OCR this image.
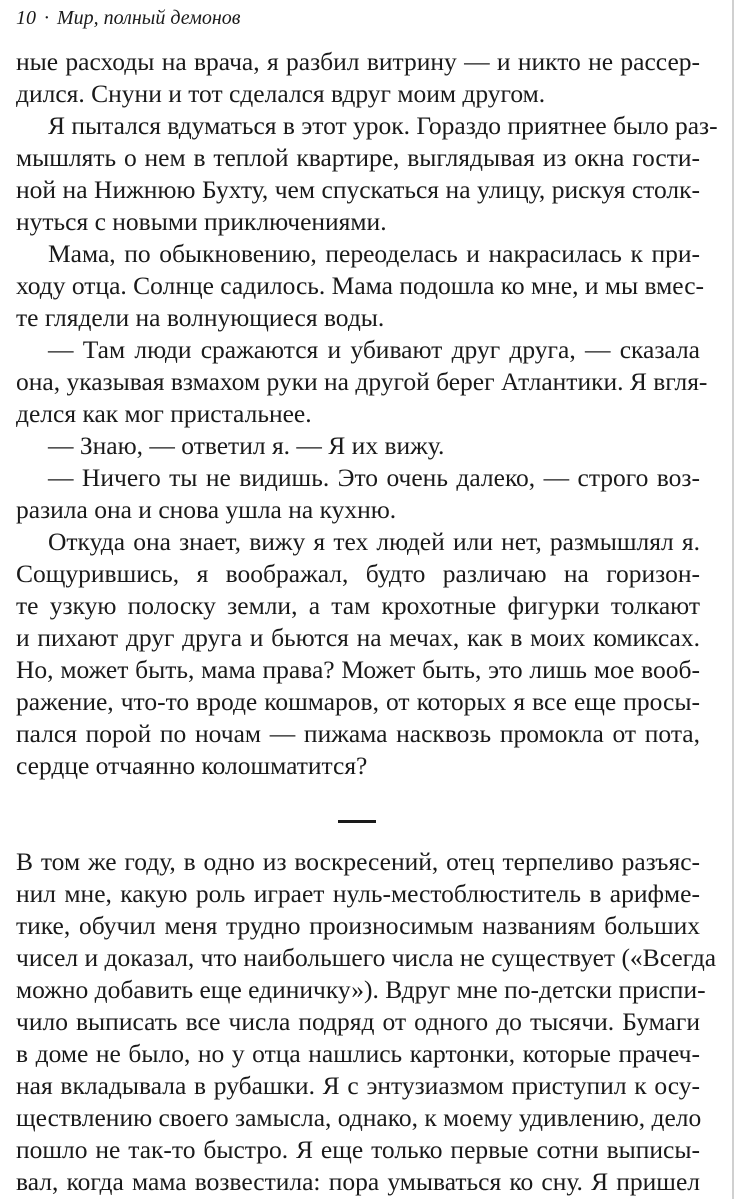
10 · Мир, полный демонов
ные расходы на врача, я разбил витрину — и никто не рассер-
дился. Снуни и тот сделался вдруг моим другом.
Я пытался вдуматься в этот урок. Гораздо приятнее было раз-
мышлять о нем в теплой квартире, выглядывая из окна гости-
ной на Нижнюю Бухту, чем спускаться на улицу, рискуя столк-
нуться с новыми приключениями.
Мама, по обыкновению, переоделась и накрасилась к при-
ходу отца. Солнце садилось. Мама подошла ко мне, и мы вмес-
те глядели на волнующиеся воды.
— Там люди сражаются и убивают друг друга, — сказала
она, указывая взмахом руки на другой берег Атлантики. Я вгля-
делся как мог пристальнее.
— Знаю, — ответил я. — Я их вижу.
— Ничего ты не видишь. Это очень далеко, — строго воз-
разила она и снова ушла на кухню.
Откуда она знает, вижу я тех людей или нет, размышлял я.
Сощурившись, я воображал, будто различаю на горизон-
те узкую полоску земли, а там крохотные фигурки толкают
и пихают друг друга и бьются на мечах, как в моих комиксах.
Но, может быть, мама права? Может быть, это лишь мое вооб-
ражение, что-то вроде кошмаров, от которых я все еще просы-
пался порой по ночам — пижама насквозь промокла от пота,
сердце отчаянно колошматится?
В том же году, в одно из воскресений, отец терпеливо разъяс-
нил мне, какую роль играет нуль-местоблюститель в арифме-
тике, обучил меня трудно произносимым названиям больших
чисел и доказал, что наибольшего числа не существует («Всегда
можно добавить еще единичку»). Вдруг мне по-детски приспи-
чило выписать все числа подряд от одного до тысячи. Бумаги
в доме не было, но у отца нашлись картонки, которые прачеч-
ная вкладывала в рубашки. Я с энтузиазмом приступил к осу-
ществлению своего замысла, однако, к моему удивлению, дело
пошло не так-то быстро. Я еще только первые сотни выписы-
вал, когда мама возвестила: пора умываться ко сну. Я пришел
